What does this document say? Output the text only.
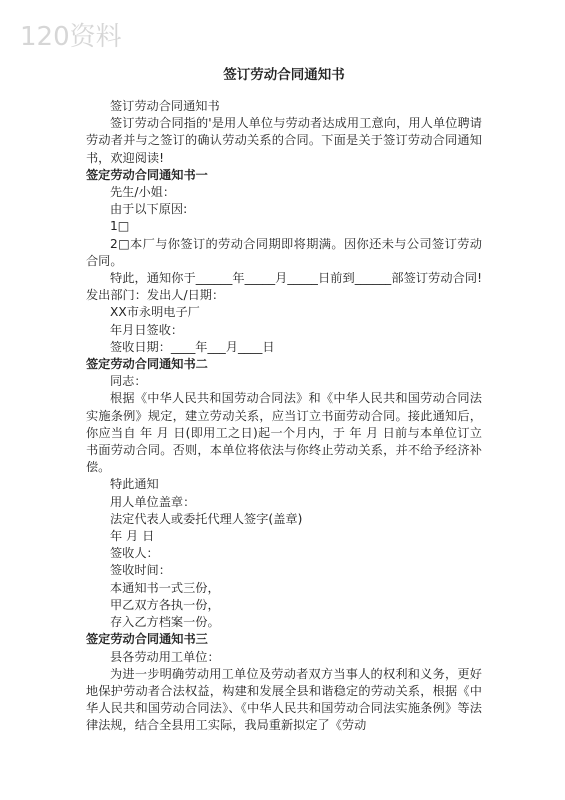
120资料
签订劳动合同通知书

签订劳动合同通知书

签订劳动合同指的'是用人单位与劳动者达成用工意向，用人单位聘请劳动者并与之签订的确认劳动关系的合同。下面是关于签订劳动合同通知书，欢迎阅读!

签定劳动合同通知书一

先生/小姐：

由于以下原因:

1□

2□本厂与你签订的劳动合同期即将期满。因你还未与公司签订劳动合同。

特此，通知你于______年_____月_____日前到______部签订劳动合同!发出部门：发出人/日期：

XX市永明电子厂

年月日签收：

签收日期：____年___月____日

签定劳动合同通知书二

同志：

根据《中华人民共和国劳动合同法》和《中华人民共和国劳动合同法实施条例》规定，建立劳动关系，应当订立书面劳动合同。接此通知后，你应当自 年 月 日(即用工之日)起一个月内，于 年 月 日前与本单位订立书面劳动合同。否则，本单位将依法与你终止劳动关系，并不给予经济补偿。

特此通知

用人单位盖章：

法定代表人或委托代理人签字(盖章)

年 月 日

签收人：

签收时间：

本通知书一式三份，

甲乙双方各执一份，

存入乙方档案一份。

签定劳动合同通知书三

县各劳动用工单位：

为进一步明确劳动用工单位及劳动者双方当事人的权利和义务，更好地保护劳动者合法权益，构建和发展全县和谐稳定的劳动关系，根据《中华人民共和国劳动合同法》、《中华人民共和国劳动合同法实施条例》等法律法规，结合全县用工实际，我局重新拟定了《劳动
